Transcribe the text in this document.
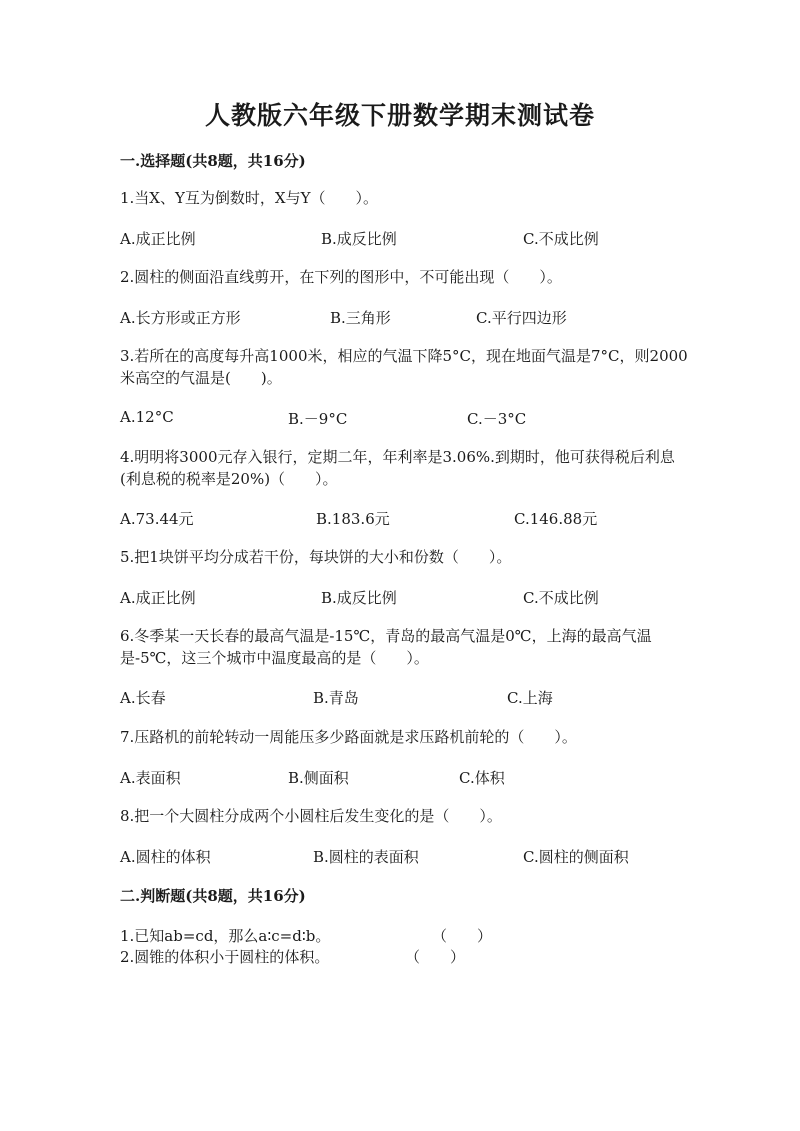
人教版六年级下册数学期末测试卷
一.选择题(共8题，共16分)
1.当X、Y互为倒数时，X与Y（　　）。
A.成正比例	B.成反比例	C.不成比例
2.圆柱的侧面沿直线剪开，在下列的图形中，不可能出现（　　）。
A.长方形或正方形	B.三角形	C.平行四边形
3.若所在的高度每升高1000米，相应的气温下降5°C，现在地面气温是7°C，则2000米高空的气温是(　　)。
A.12°C	B.－9°C	C.－3°C
4.明明将3000元存入银行，定期二年，年利率是3.06%.到期时，他可获得税后利息(利息税的税率是20%)（　　）。
A.73.44元	B.183.6元	C.146.88元
5.把1块饼平均分成若干份，每块饼的大小和份数（　　）。
A.成正比例	B.成反比例	C.不成比例
6.冬季某一天长春的最高气温是-15℃，青岛的最高气温是0℃，上海的最高气温是-5℃，这三个城市中温度最高的是（　　）。
A.长春	B.青岛	C.上海
7.压路机的前轮转动一周能压多少路面就是求压路机前轮的（　　）。
A.表面积	B.侧面积	C.体积
8.把一个大圆柱分成两个小圆柱后发生变化的是（　　）。
A.圆柱的体积	B.圆柱的表面积	C.圆柱的侧面积
二.判断题(共8题，共16分)
1.已知ab=cd，那么a∶c=d∶b。	（　　）
2.圆锥的体积小于圆柱的体积。	（　　）
